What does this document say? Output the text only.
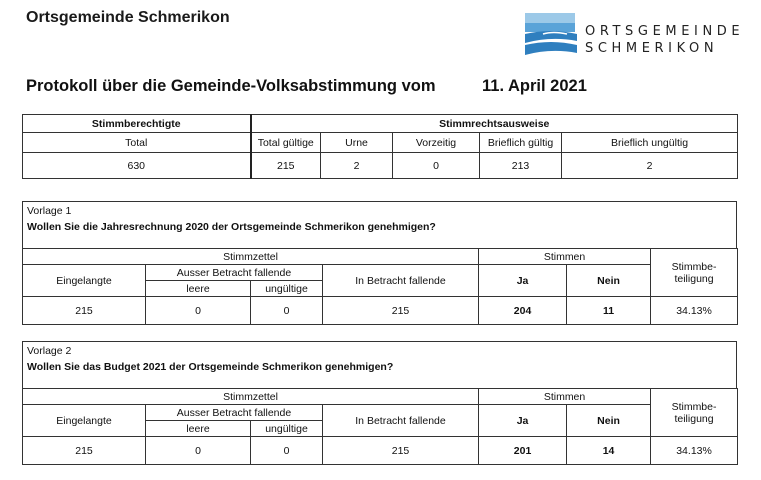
Ortsgemeinde Schmerikon
ORTSGEMEINDE
SCHMERIKON
Protokoll über die Gemeinde-Volksabstimmung vom	11. April 2021
Stimmberechtigte	Stimmrechtsausweise				
Total	Total gültige	Urne	Vorzeitig	Brieflich gültig	Brieflich ungültig
630	215	2	0	213	2
Vorlage 1
Wollen Sie die Jahresrechnung 2020 der Ortsgemeinde Schmerikon genehmigen?
Stimmzettel				Stimmen		Stimmbe-teiligung
Eingelangte	Ausser Betracht fallende		In Betracht fallende	Ja	Nein	
	leere	ungültige				
215	0	0	215	204	11	34.13%
Vorlage 2
Wollen Sie das Budget 2021 der Ortsgemeinde Schmerikon genehmigen?
Stimmzettel				Stimmen		Stimmbe-teiligung
Eingelangte	Ausser Betracht fallende		In Betracht fallende	Ja	Nein	
	leere	ungültige				
215	0	0	215	201	14	34.13%
